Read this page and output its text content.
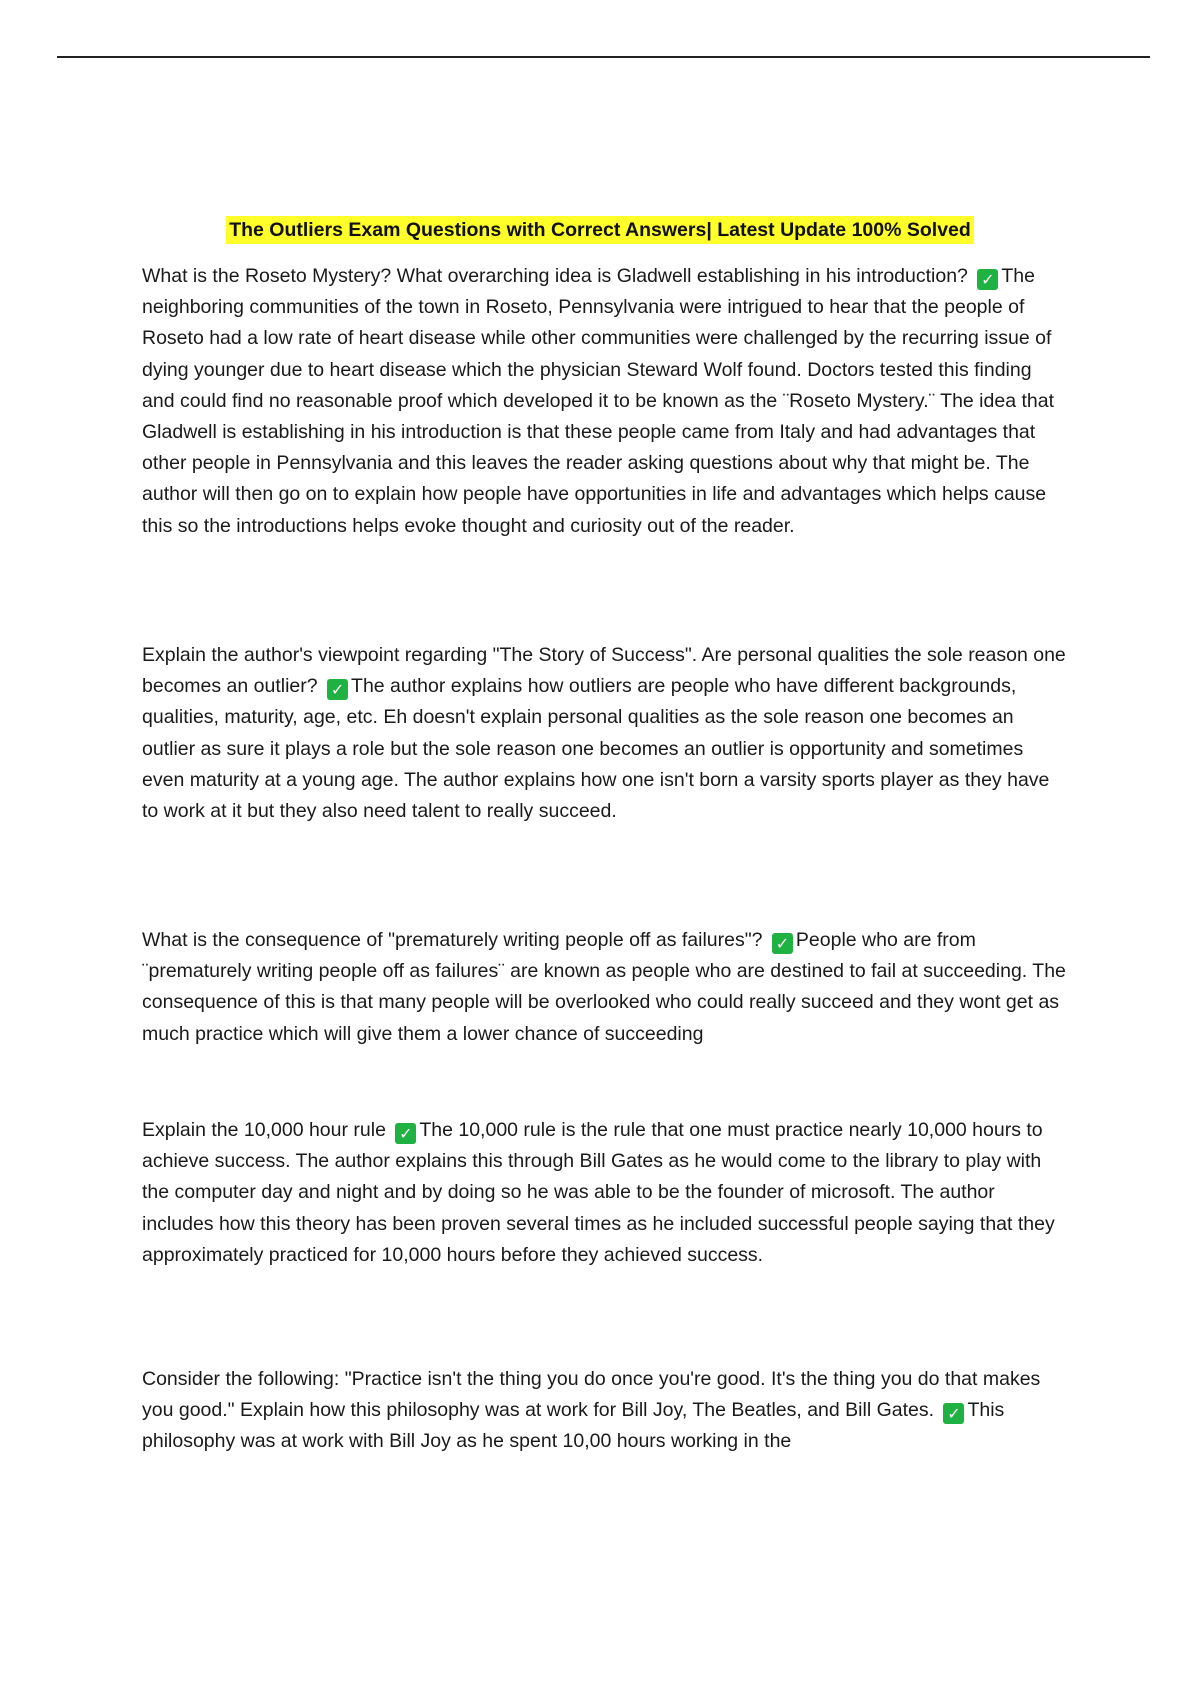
The Outliers Exam Questions with Correct Answers| Latest Update 100% Solved

What is the Roseto Mystery? What overarching idea is Gladwell establishing in his introduction? ✓ The neighboring communities of the town in Roseto, Pennsylvania were intrigued to hear that the people of Roseto had a low rate of heart disease while other communities were challenged by the recurring issue of dying younger due to heart disease which the physician Steward Wolf found. Doctors tested this finding and could find no reasonable proof which developed it to be known as the ¨Roseto Mystery.¨ The idea that Gladwell is establishing in his introduction is that these people came from Italy and had advantages that other people in Pennsylvania and this leaves the reader asking questions about why that might be. The author will then go on to explain how people have opportunities in life and advantages which helps cause this so the introductions helps evoke thought and curiosity out of the reader.

Explain the author's viewpoint regarding "The Story of Success". Are personal qualities the sole reason one becomes an outlier? ✓ The author explains how outliers are people who have different backgrounds, qualities, maturity, age, etc. Eh doesn't explain personal qualities as the sole reason one becomes an outlier as sure it plays a role but the sole reason one becomes an outlier is opportunity and sometimes even maturity at a young age. The author explains how one isn't born a varsity sports player as they have to work at it but they also need talent to really succeed.

What is the consequence of "prematurely writing people off as failures"? ✓ People who are from ¨prematurely writing people off as failures¨ are known as people who are destined to fail at succeeding. The consequence of this is that many people will be overlooked who could really succeed and they wont get as much practice which will give them a lower chance of succeeding

Explain the 10,000 hour rule ✓ The 10,000 rule is the rule that one must practice nearly 10,000 hours to achieve success. The author explains this through Bill Gates as he would come to the library to play with the computer day and night and by doing so he was able to be the founder of microsoft. The author includes how this theory has been proven several times as he included successful people saying that they approximately practiced for 10,000 hours before they achieved success.

Consider the following: "Practice isn't the thing you do once you're good. It's the thing you do that makes you good." Explain how this philosophy was at work for Bill Joy, The Beatles, and Bill Gates. ✓ This philosophy was at work with Bill Joy as he spent 10,00 hours working in the
